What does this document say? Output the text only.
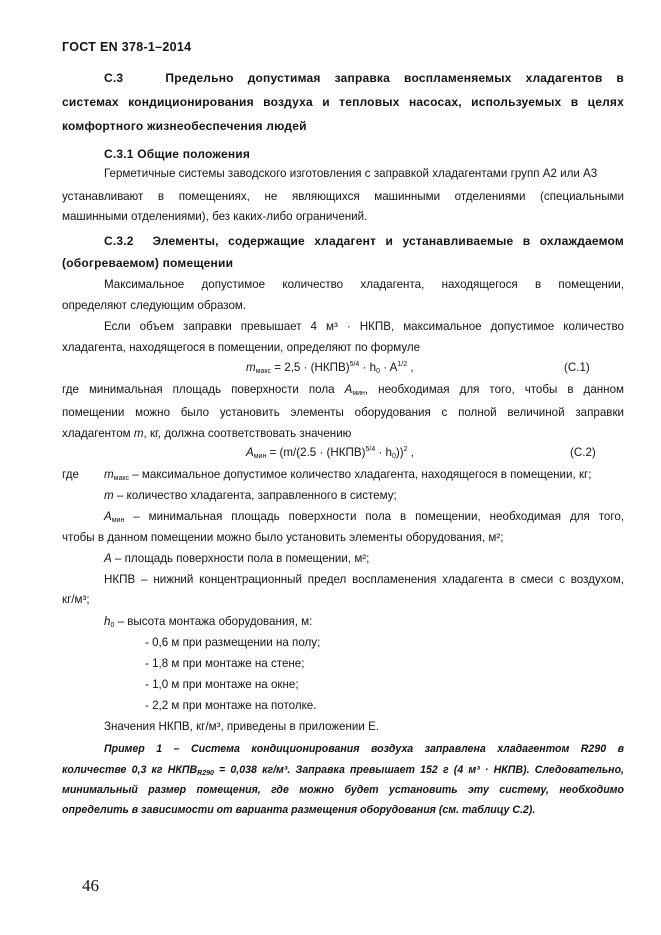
ГОСТ EN 378-1–2014
С.3	Предельно допустимая заправка воспламеняемых хладагентов в
системах кондиционирования воздуха и тепловых насосах, используемых в целях
комфортного жизнеобеспечения людей
С.3.1 Общие положения
Герметичные системы заводского изготовления с заправкой хладагентами групп А2 или А3
устанавливают в помещениях, не являющихся машинными отделениями (специальными
машинными отделениями), без каких-либо ограничений.
С.3.2 Элементы, содержащие хладагент и устанавливаемые в охлаждаемом
(обогреваемом) помещении
Максимальное допустимое количество хладагента, находящегося в помещении,
определяют следующим образом.
Если объем заправки превышает 4 м³ · НКПВ, максимальное допустимое количество
хладагента, находящегося в помещении, определяют по формуле
$m_{макс} = 2,5$ · (НКПВ)$^{5/4}$ · $h_0 \cdot A^{1/2}$ ,	(С.1)
где минимальная площадь поверхности пола $A_{мин}$, необходимая для того, чтобы в данном
помещении можно было установить элементы оборудования с полной величиной заправки
хладагентом m, кг, должна соответствовать значению
$A_{мин} = (m/(2.5$ · (НКПВ)$^{5/4}$ · $h_0))^2$ ,	(С.2)
где $m_{макс}$ – максимальное допустимое количество хладагента, находящегося в помещении, кг;
m – количество хладагента, заправленного в систему;
$A_{мин}$ – минимальная площадь поверхности пола в помещении, необходимая для того,
чтобы в данном помещении можно было установить элементы оборудования, м²;
A – площадь поверхности пола в помещении, м²;
НКПВ – нижний концентрационный предел воспламенения хладагента в смеси с воздухом,
кг/м³;
$h_0$ – высота монтажа оборудования, м:
- 0,6 м при размещении на полу;
- 1,8 м при монтаже на стене;
- 1,0 м при монтаже на окне;
- 2,2 м при монтаже на потолке.
Значения НКПВ, кг/м³, приведены в приложении Е.
Пример 1 – Система кондиционирования воздуха заправлена хладагентом R290 в
количестве 0,3 кг $НКПВ_{R290} = 0,038$ кг/м³. Заправка превышает 152 г (4 м³ · НКПВ). Следовательно,
минимальный размер помещения, где можно будет установить эту систему, необходимо
определить в зависимости от варианта размещения оборудования (см. таблицу С.2).
46
